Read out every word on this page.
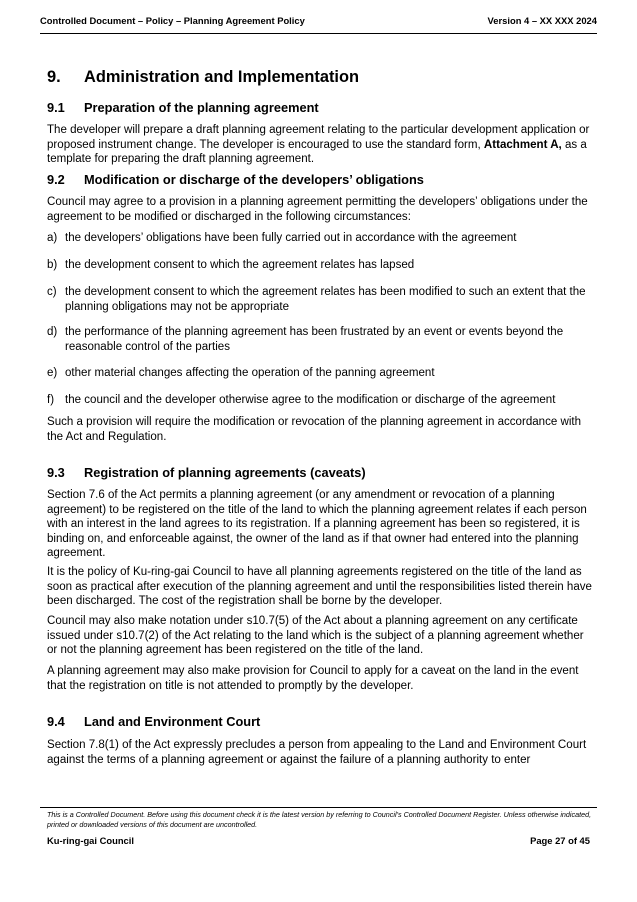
Controlled Document – Policy – Planning Agreement Policy	Version 4 – XX XXX 2024
9. Administration and Implementation
9.1 Preparation of the planning agreement
The developer will prepare a draft planning agreement relating to the particular development application or proposed instrument change. The developer is encouraged to use the standard form, Attachment A, as a template for preparing the draft planning agreement.
9.2 Modification or discharge of the developers’ obligations
Council may agree to a provision in a planning agreement permitting the developers’ obligations under the agreement to be modified or discharged in the following circumstances:
a) the developers’ obligations have been fully carried out in accordance with the agreement
b) the development consent to which the agreement relates has lapsed
c) the development consent to which the agreement relates has been modified to such an extent that the planning obligations may not be appropriate
d) the performance of the planning agreement has been frustrated by an event or events beyond the reasonable control of the parties
e) other material changes affecting the operation of the panning agreement
f) the council and the developer otherwise agree to the modification or discharge of the agreement
Such a provision will require the modification or revocation of the planning agreement in accordance with the Act and Regulation.
9.3 Registration of planning agreements (caveats)
Section 7.6 of the Act permits a planning agreement (or any amendment or revocation of a planning agreement) to be registered on the title of the land to which the planning agreement relates if each person with an interest in the land agrees to its registration. If a planning agreement has been so registered, it is binding on, and enforceable against, the owner of the land as if that owner had entered into the planning agreement.
It is the policy of Ku-ring-gai Council to have all planning agreements registered on the title of the land as soon as practical after execution of the planning agreement and until the responsibilities listed therein have been discharged. The cost of the registration shall be borne by the developer.
Council may also make notation under s10.7(5) of the Act about a planning agreement on any certificate issued under s10.7(2) of the Act relating to the land which is the subject of a planning agreement whether or not the planning agreement has been registered on the title of the land.
A planning agreement may also make provision for Council to apply for a caveat on the land in the event that the registration on title is not attended to promptly by the developer.
9.4 Land and Environment Court
Section 7.8(1) of the Act expressly precludes a person from appealing to the Land and Environment Court against the terms of a planning agreement or against the failure of a planning authority to enter
This is a Controlled Document. Before using this document check it is the latest version by referring to Council’s Controlled Document Register. Unless otherwise indicated, printed or downloaded versions of this document are uncontrolled.
Ku-ring-gai Council	Page 27 of 45
